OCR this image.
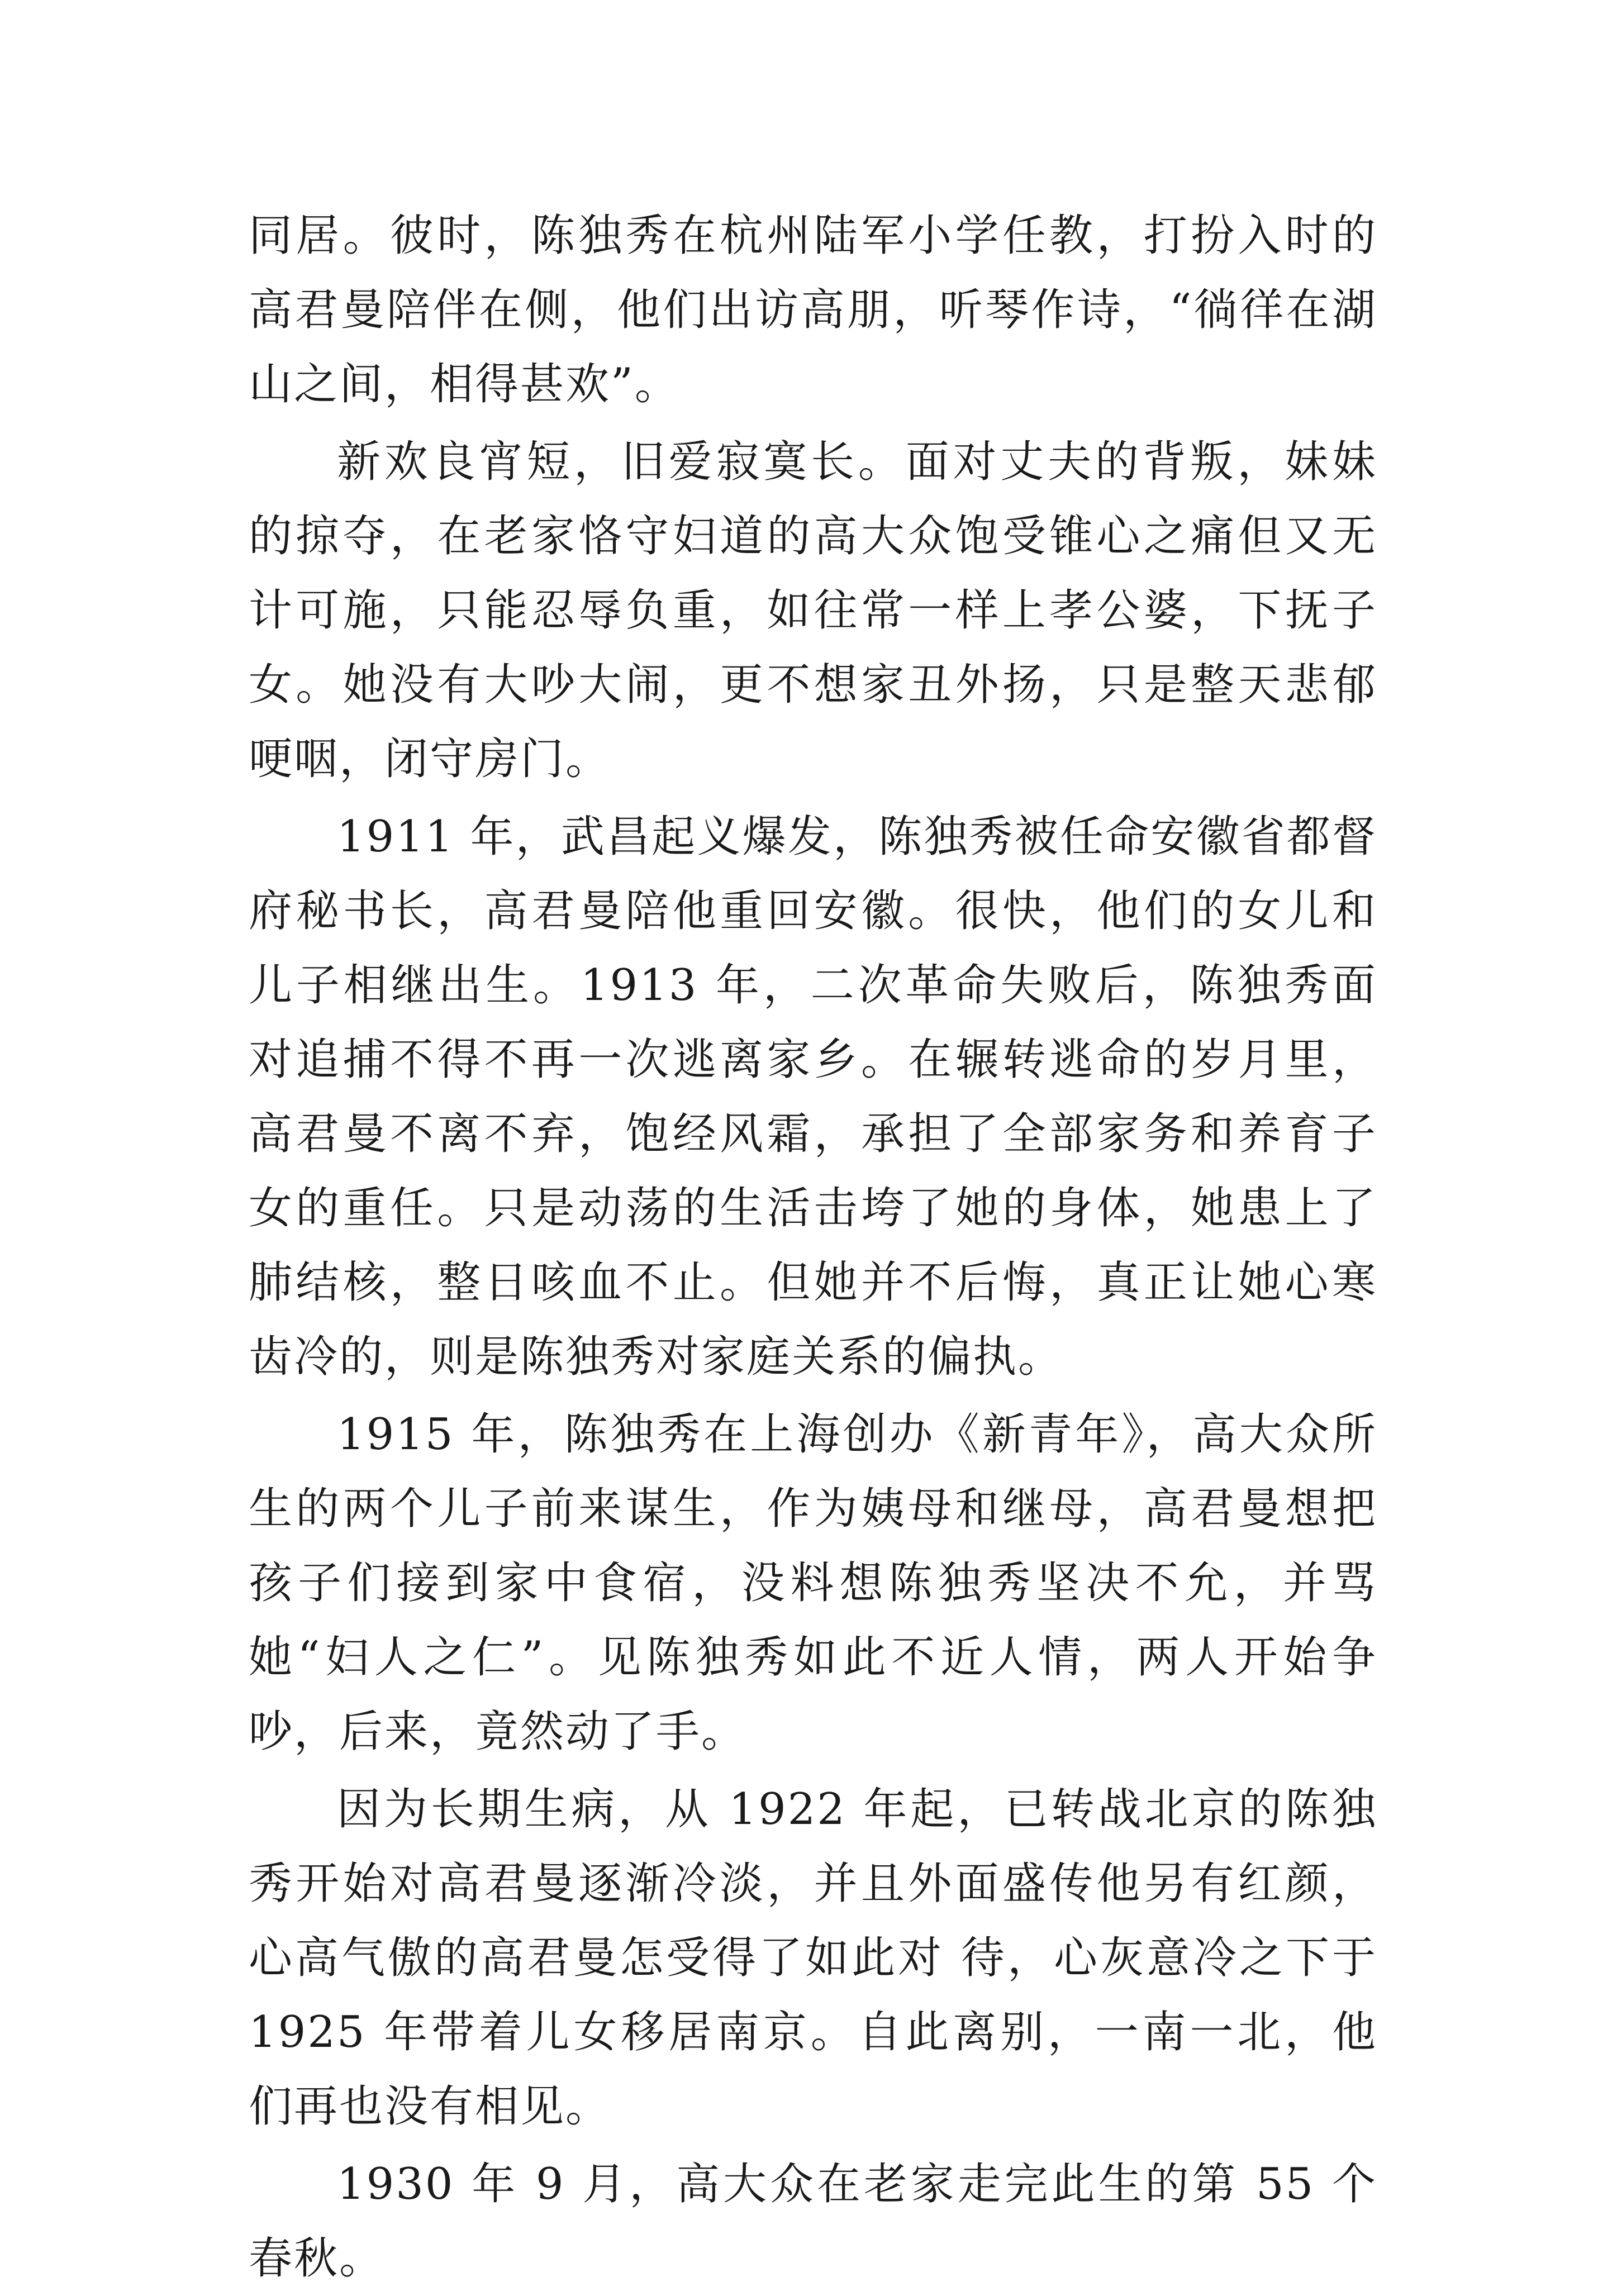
同居。彼时，陈独秀在杭州陆军小学任教，打扮入时的高君曼陪伴在侧，他们出访高朋，听琴作诗，“徜徉在湖山之间，相得甚欢”。

新欢良宵短，旧爱寂寞长。面对丈夫的背叛，妹妹的掠夺，在老家恪守妇道的高大众饱受锥心之痛但又无计可施，只能忍辱负重，如往常一样上孝公婆，下抚子女。她没有大吵大闹，更不想家丑外扬，只是整天悲郁哽咽，闭守房门。

1911 年，武昌起义爆发，陈独秀被任命安徽省都督府秘书长，高君曼陪他重回安徽。很快，他们的女儿和儿子相继出生。1913 年，二次革命失败后，陈独秀面对追捕不得不再一次逃离家乡。在辗转逃命的岁月里，高君曼不离不弃，饱经风霜，承担了全部家务和养育子女的重任。只是动荡的生活击垮了她的身体，她患上了肺结核，整日咳血不止。但她并不后悔，真正让她心寒齿冷的，则是陈独秀对家庭关系的偏执。

1915 年，陈独秀在上海创办《新青年》，高大众所生的两个儿子前来谋生，作为姨母和继母，高君曼想把孩子们接到家中食宿，没料想陈独秀坚决不允，并骂她“妇人之仁”。见陈独秀如此不近人情，两人开始争吵，后来，竟然动了手。

因为长期生病，从 1922 年起，已转战北京的陈独秀开始对高君曼逐渐冷淡，并且外面盛传他另有红颜，心高气傲的高君曼怎受得了如此对 待，心灰意冷之下于 1925 年带着儿女移居南京。自此离别，一南一北，他们再也没有相见。

1930 年 9 月，高大众在老家走完此生的第 55 个春秋。
